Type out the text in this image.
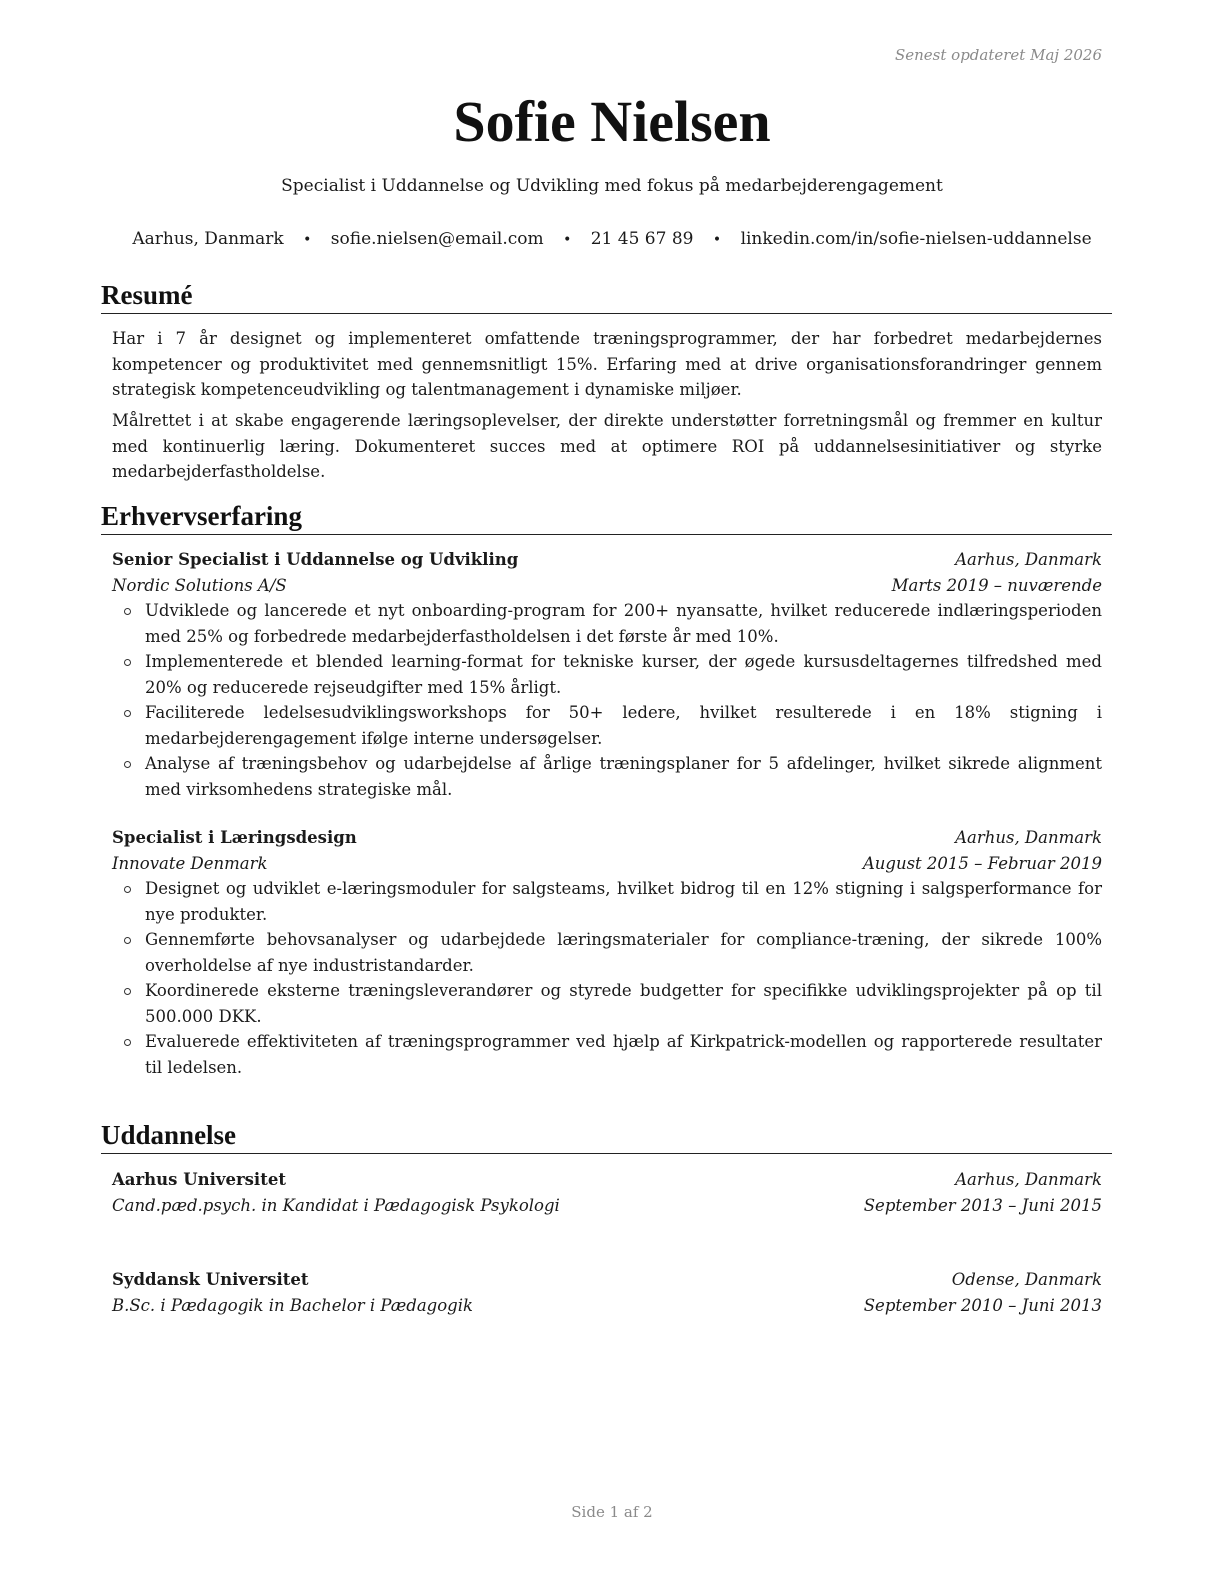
Senest opdateret Maj 2026
Sofie Nielsen
Specialist i Uddannelse og Udvikling med fokus på medarbejderengagement
Aarhus, Danmark • sofie.nielsen@email.com • 21 45 67 89 • linkedin.com/in/sofie-nielsen-uddannelse
Resumé

Har i 7 år designet og implementeret omfattende træningsprogrammer, der har forbedret medarbejdernes kompetencer og produktivitet med gennemsnitligt 15%. Erfaring med at drive organisationsforandringer gennem strategisk kompetenceudvikling og talentmanagement i dynamiske miljøer.

Målrettet i at skabe engagerende læringsoplevelser, der direkte understøtter forretningsmål og fremmer en kultur med kontinuerlig læring. Dokumenteret succes med at optimere ROI på uddannelsesinitiativer og styrke medarbejderfastholdelse.

Erhvervserfaring
Senior Specialist i Uddannelse og Udvikling	Aarhus, Danmark
Nordic Solutions A/S	Marts 2019 – nuværende
Udviklede og lancerede et nyt onboarding-program for 200+ nyansatte, hvilket reducerede indlæringsperioden med 25% og forbedrede medarbejderfastholdelsen i det første år med 10%.
Implementerede et blended learning-format for tekniske kurser, der øgede kursusdeltagernes tilfredshed med 20% og reducerede rejseudgifter med 15% årligt.
Faciliterede ledelsesudviklingsworkshops for 50+ ledere, hvilket resulterede i en 18% stigning i medarbejderengagement ifølge interne undersøgelser.
Analyse af træningsbehov og udarbejdelse af årlige træningsplaner for 5 afdelinger, hvilket sikrede alignment med virksomhedens strategiske mål.
Specialist i Læringsdesign	Aarhus, Danmark
Innovate Denmark	August 2015 – Februar 2019
Designet og udviklet e-læringsmoduler for salgsteams, hvilket bidrog til en 12% stigning i salgsperformance for nye produkter.
Gennemførte behovsanalyser og udarbejdede læringsmaterialer for compliance-træning, der sikrede 100% overholdelse af nye industristandarder.
Koordinerede eksterne træningsleverandører og styrede budgetter for specifikke udviklingsprojekter på op til 500.000 DKK.
Evaluerede effektiviteten af træningsprogrammer ved hjælp af Kirkpatrick-modellen og rapporterede resultater til ledelsen.
Uddannelse
Aarhus Universitet	Aarhus, Danmark
Cand.pæd.psych. in Kandidat i Pædagogisk Psykologi	September 2013 – Juni 2015
Syddansk Universitet	Odense, Danmark
B.Sc. i Pædagogik in Bachelor i Pædagogik	September 2010 – Juni 2013
Side 1 af 2
